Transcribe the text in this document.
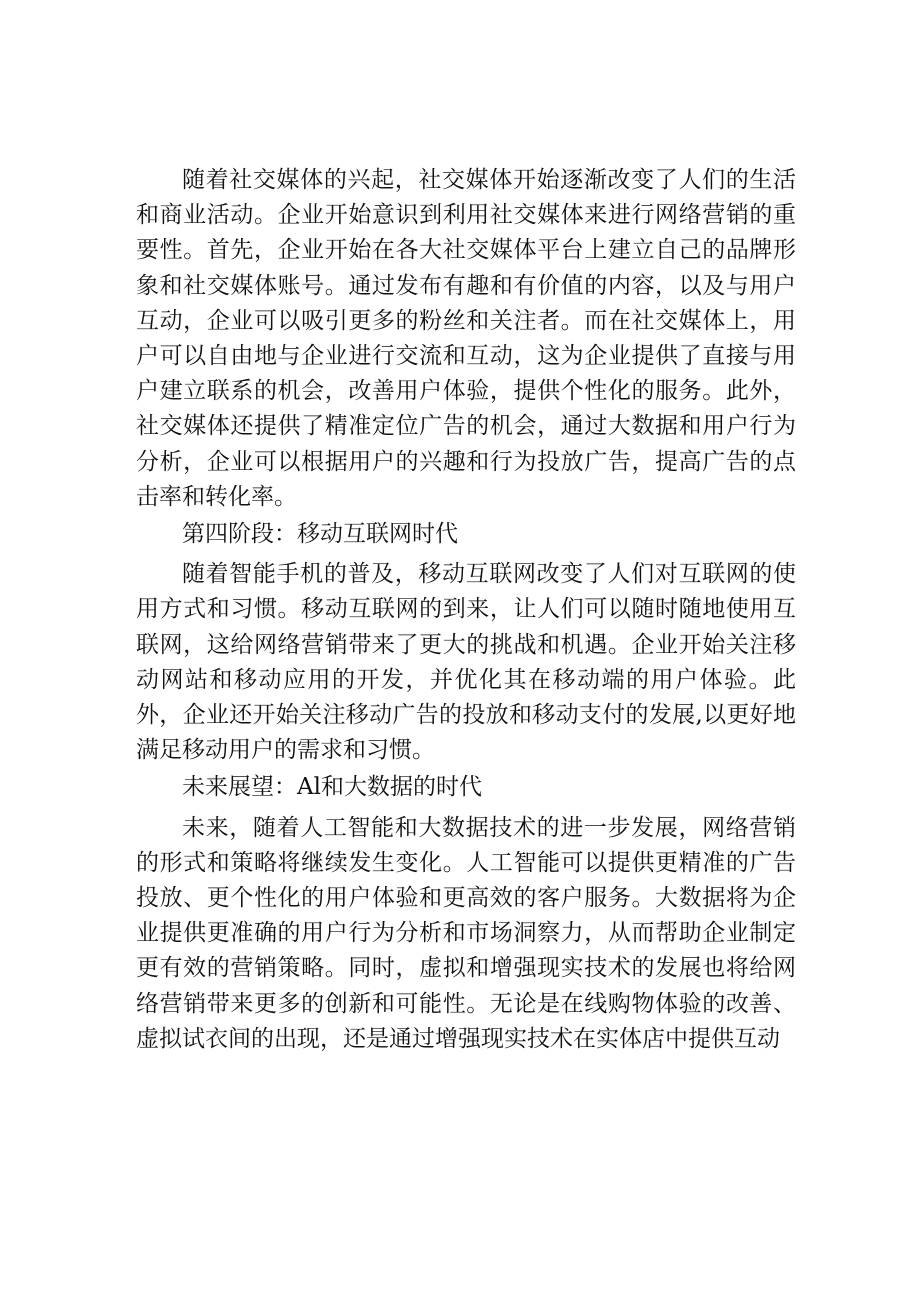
随着社交媒体的兴起，社交媒体开始逐渐改变了人们的生活和商业活动。企业开始意识到利用社交媒体来进行网络营销的重要性。首先，企业开始在各大社交媒体平台上建立自己的品牌形象和社交媒体账号。通过发布有趣和有价值的内容，以及与用户互动，企业可以吸引更多的粉丝和关注者。而在社交媒体上，用户可以自由地与企业进行交流和互动，这为企业提供了直接与用户建立联系的机会，改善用户体验，提供个性化的服务。此外，社交媒体还提供了精准定位广告的机会，通过大数据和用户行为分析，企业可以根据用户的兴趣和行为投放广告，提高广告的点击率和转化率。

第四阶段：移动互联网时代

随着智能手机的普及，移动互联网改变了人们对互联网的使用方式和习惯。移动互联网的到来，让人们可以随时随地使用互联网，这给网络营销带来了更大的挑战和机遇。企业开始关注移动网站和移动应用的开发，并优化其在移动端的用户体验。此外，企业还开始关注移动广告的投放和移动支付的发展,以更好地满足移动用户的需求和习惯。

未来展望：Al和大数据的时代

未来，随着人工智能和大数据技术的进一步发展，网络营销的形式和策略将继续发生变化。人工智能可以提供更精准的广告投放、更个性化的用户体验和更高效的客户服务。大数据将为企业提供更准确的用户行为分析和市场洞察力，从而帮助企业制定更有效的营销策略。同时，虚拟和增强现实技术的发展也将给网络营销带来更多的创新和可能性。无论是在线购物体验的改善、虚拟试衣间的出现，还是通过增强现实技术在实体店中提供互动
